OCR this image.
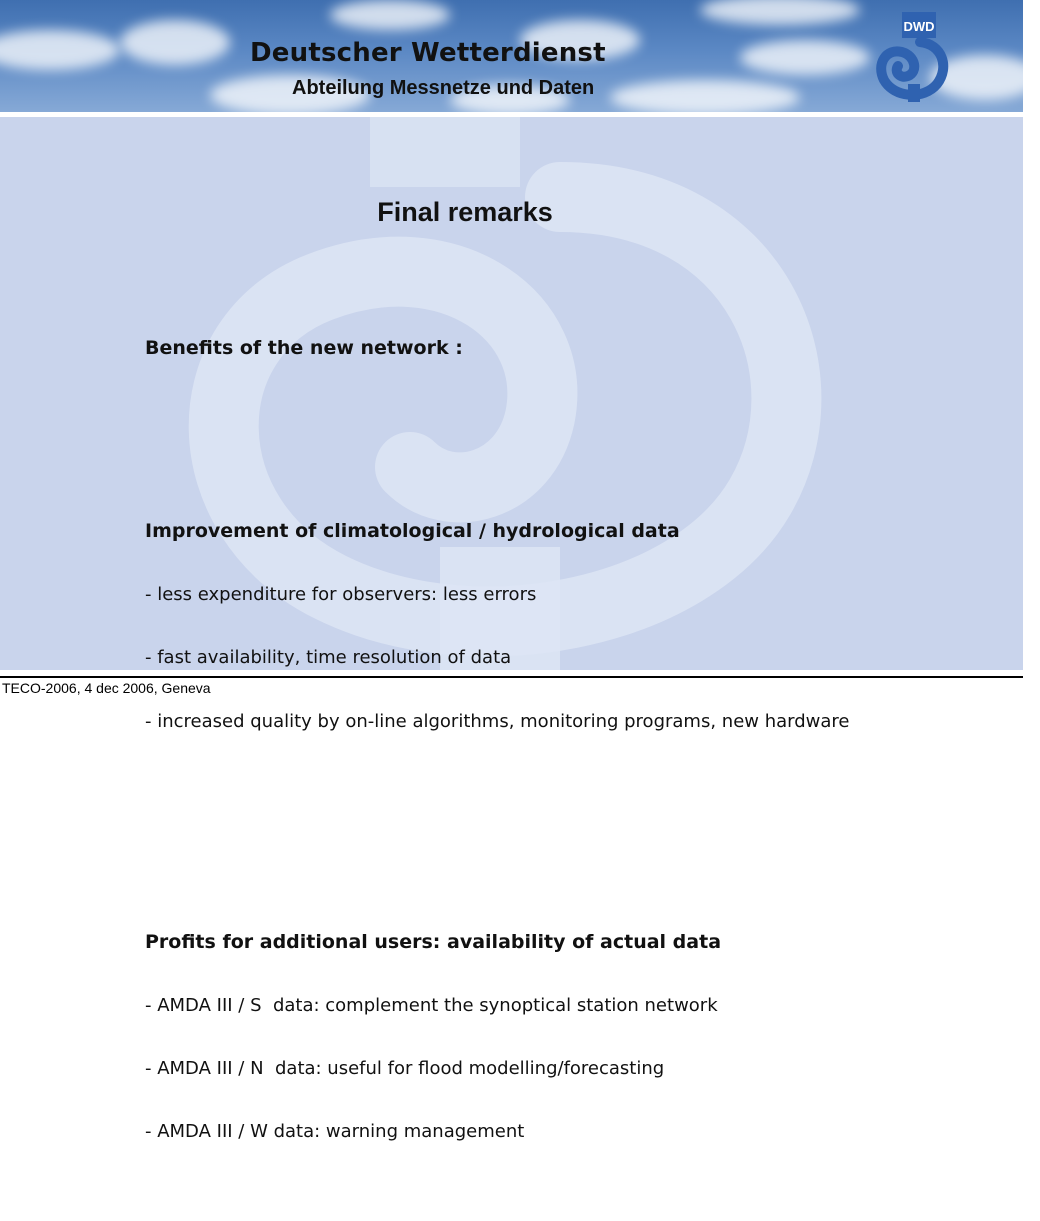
Deutscher Wetterdienst
Abteilung Messnetze und Daten
DWD
Final remarks

Benefits of the new network :

Improvement of climatological / hydrological data

- less expenditure for observers: less errors

- fast availability, time resolution of data

- increased quality by on-line algorithms, monitoring programs, new hardware

Profits for additional users: availability of actual data

- AMDA III / S  data: complement the synoptical station network

- AMDA III / N  data: useful for flood modelling/forecasting

- AMDA III / W data: warning management

TECO-2006, 4 dec 2006, Geneva
